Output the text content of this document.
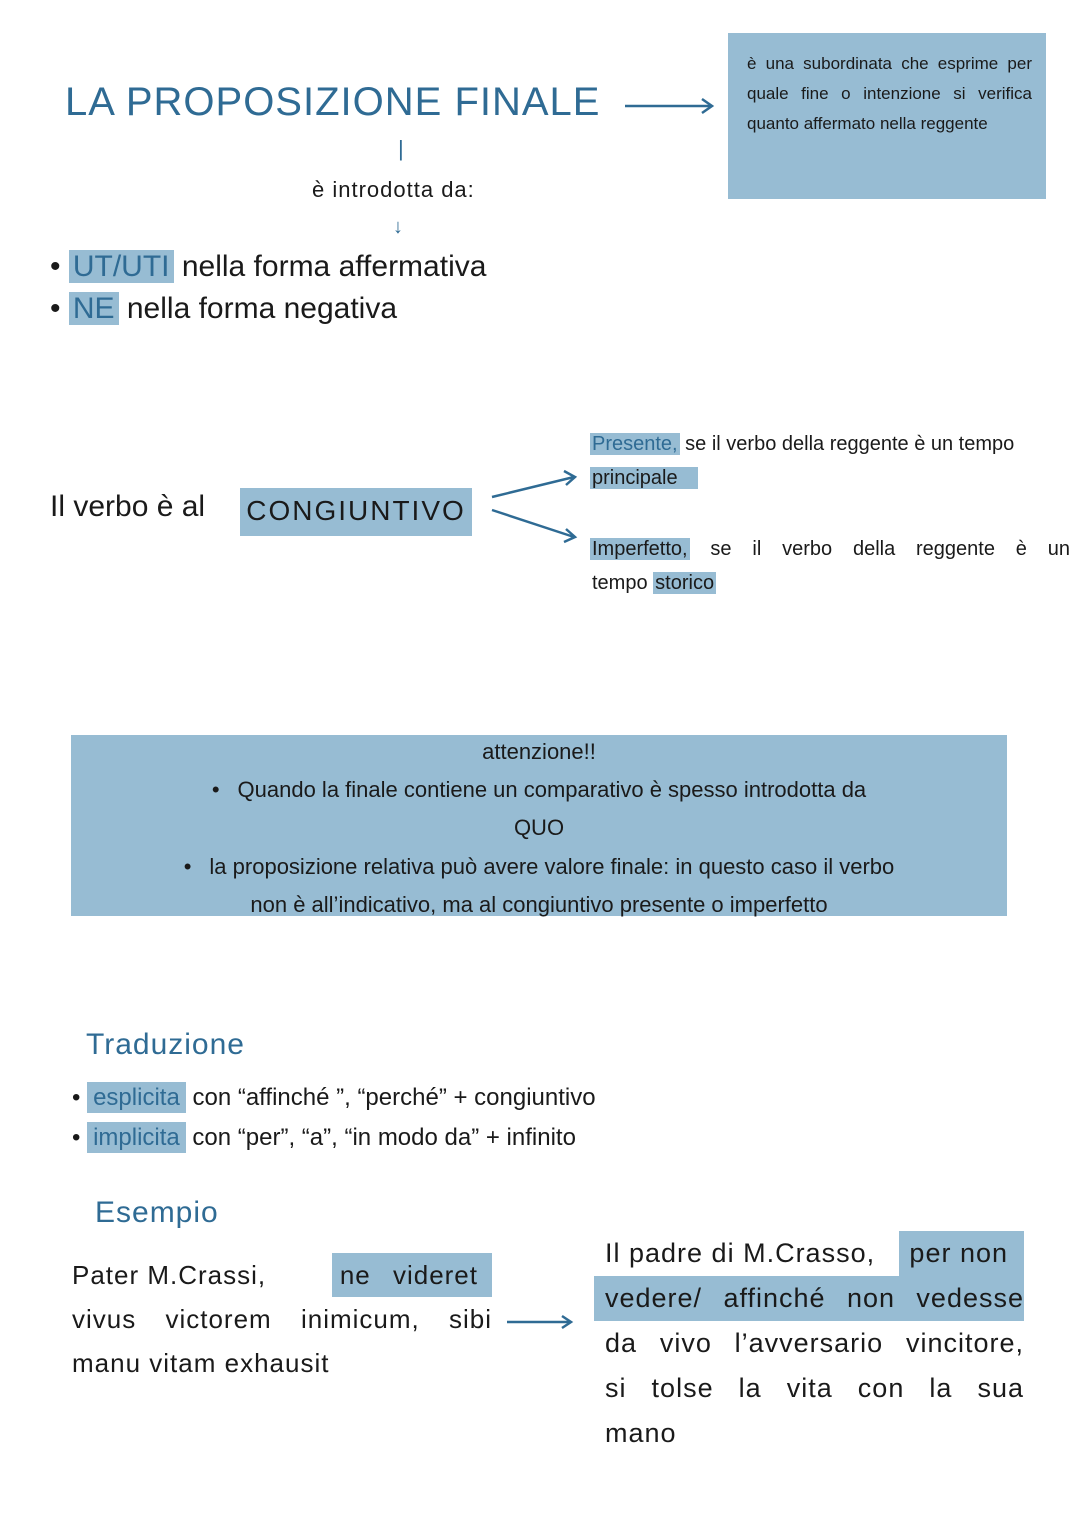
LA PROPOSIZIONE FINALE
è una subordinata che esprime per quale fine o intenzione si verifica quanto affermato nella reggente
|
è introdotta da:
↓
• UT/UTI nella forma affermativa
• NE nella forma negativa
Il verbo è al CONGIUNTIVO
Presente, se il verbo della reggente è un tempo
principale
Imperfetto, se il verbo della reggente è un
tempo storico
attenzione!!
• Quando la finale contiene un comparativo è spesso introdotta da
QUO
• la proposizione relativa può avere valore finale: in questo caso il verbo
non è all’indicativo, ma al congiuntivo presente o imperfetto
Traduzione
• esplicita con “affinché ”, “perché” + congiuntivo
• implicita con “per”, “a”, “in modo da” + infinito
Esempio
Pater M.Crassi,	ne videret
vivus victorem inimicum, sibi
manu vitam exhausit
Il padre di M.Crasso,	per non
vedere/ affinché non vedesse
da vivo l’avversario vincitore,
si tolse la vita con la sua
mano
